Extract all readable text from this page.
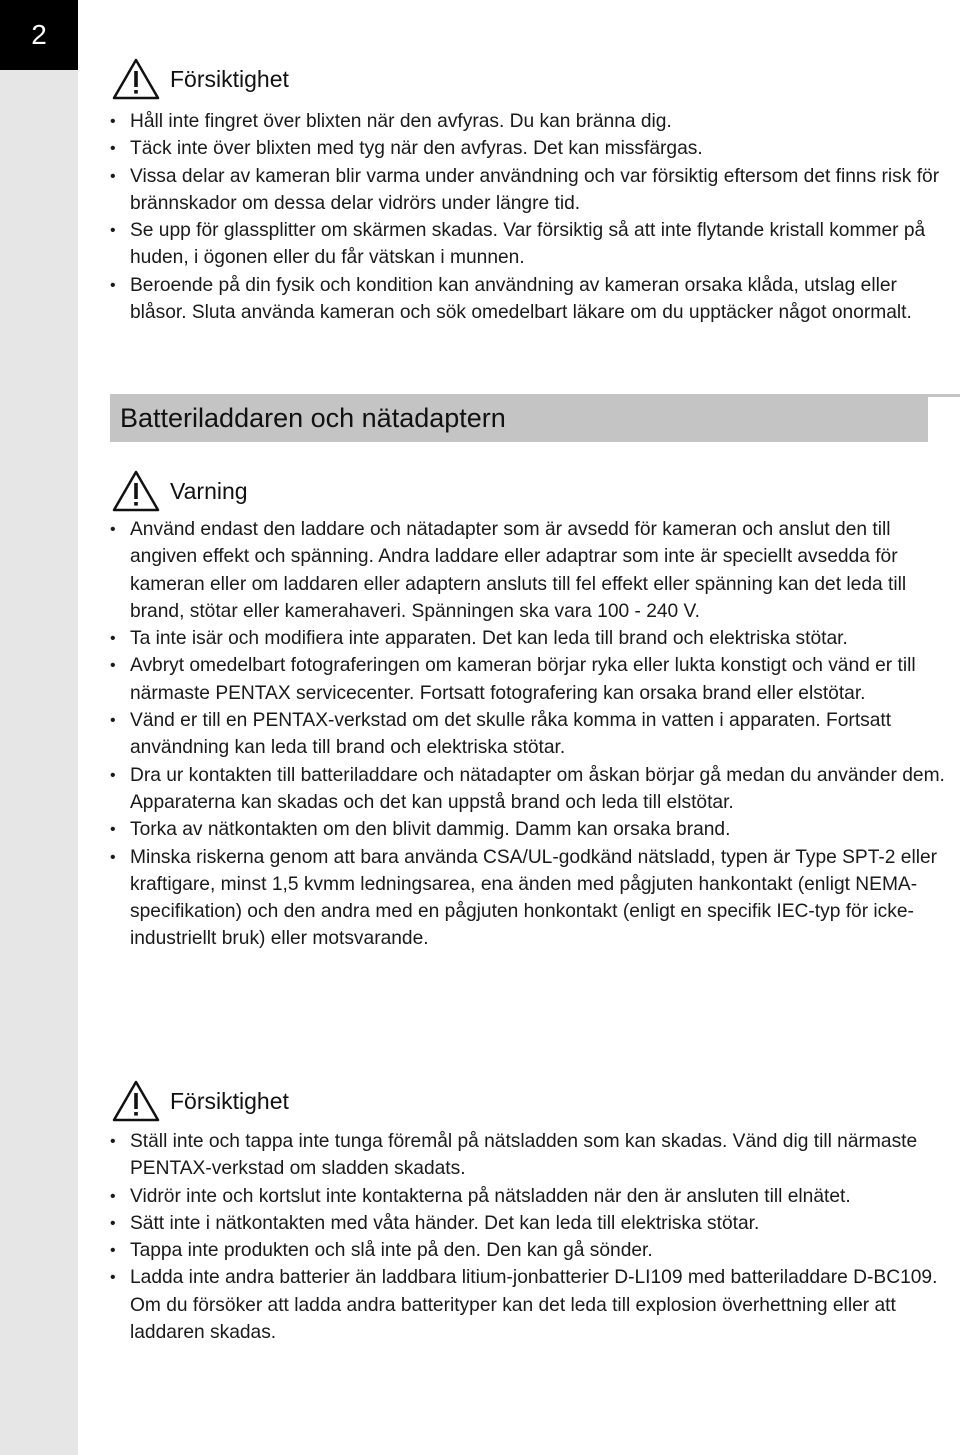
2
Försiktighet
• Håll inte fingret över blixten när den avfyras. Du kan bränna dig.
• Täck inte över blixten med tyg när den avfyras. Det kan missfärgas.
• Vissa delar av kameran blir varma under användning och var försiktig eftersom det finns risk för brännskador om dessa delar vidrörs under längre tid.
• Se upp för glassplitter om skärmen skadas. Var försiktig så att inte flytande kristall kommer på huden, i ögonen eller du får vätskan i munnen.
• Beroende på din fysik och kondition kan användning av kameran orsaka klåda, utslag eller blåsor. Sluta använda kameran och sök omedelbart läkare om du upptäcker något onormalt.
Batteriladdaren och nätadaptern
Varning
• Använd endast den laddare och nätadapter som är avsedd för kameran och anslut den till angiven effekt och spänning. Andra laddare eller adaptrar som inte är speciellt avsedda för kameran eller om laddaren eller adaptern ansluts till fel effekt eller spänning kan det leda till brand, stötar eller kamerahaveri. Spänningen ska vara 100 - 240 V.
• Ta inte isär och modifiera inte apparaten. Det kan leda till brand och elektriska stötar.
• Avbryt omedelbart fotograferingen om kameran börjar ryka eller lukta konstigt och vänd er till närmaste PENTAX servicecenter. Fortsatt fotografering kan orsaka brand eller elstötar.
• Vänd er till en PENTAX-verkstad om det skulle råka komma in vatten i apparaten. Fortsatt användning kan leda till brand och elektriska stötar.
• Dra ur kontakten till batteriladdare och nätadapter om åskan börjar gå medan du använder dem. Apparaterna kan skadas och det kan uppstå brand och leda till elstötar.
• Torka av nätkontakten om den blivit dammig. Damm kan orsaka brand.
• Minska riskerna genom att bara använda CSA/UL-godkänd nätsladd, typen är Type SPT-2 eller kraftigare, minst 1,5 kvmm ledningsarea, ena änden med pågjuten hankontakt (enligt NEMA-specifikation) och den andra med en pågjuten honkontakt (enligt en specifik IEC-typ för icke-industriellt bruk) eller motsvarande.
Försiktighet
• Ställ inte och tappa inte tunga föremål på nätsladden som kan skadas. Vänd dig till närmaste PENTAX-verkstad om sladden skadats.
• Vidrör inte och kortslut inte kontakterna på nätsladden när den är ansluten till elnätet.
• Sätt inte i nätkontakten med våta händer. Det kan leda till elektriska stötar.
• Tappa inte produkten och slå inte på den. Den kan gå sönder.
• Ladda inte andra batterier än laddbara litium-jonbatterier D-LI109 med batteriladdare D-BC109. Om du försöker att ladda andra batterityper kan det leda till explosion överhettning eller att laddaren skadas.
